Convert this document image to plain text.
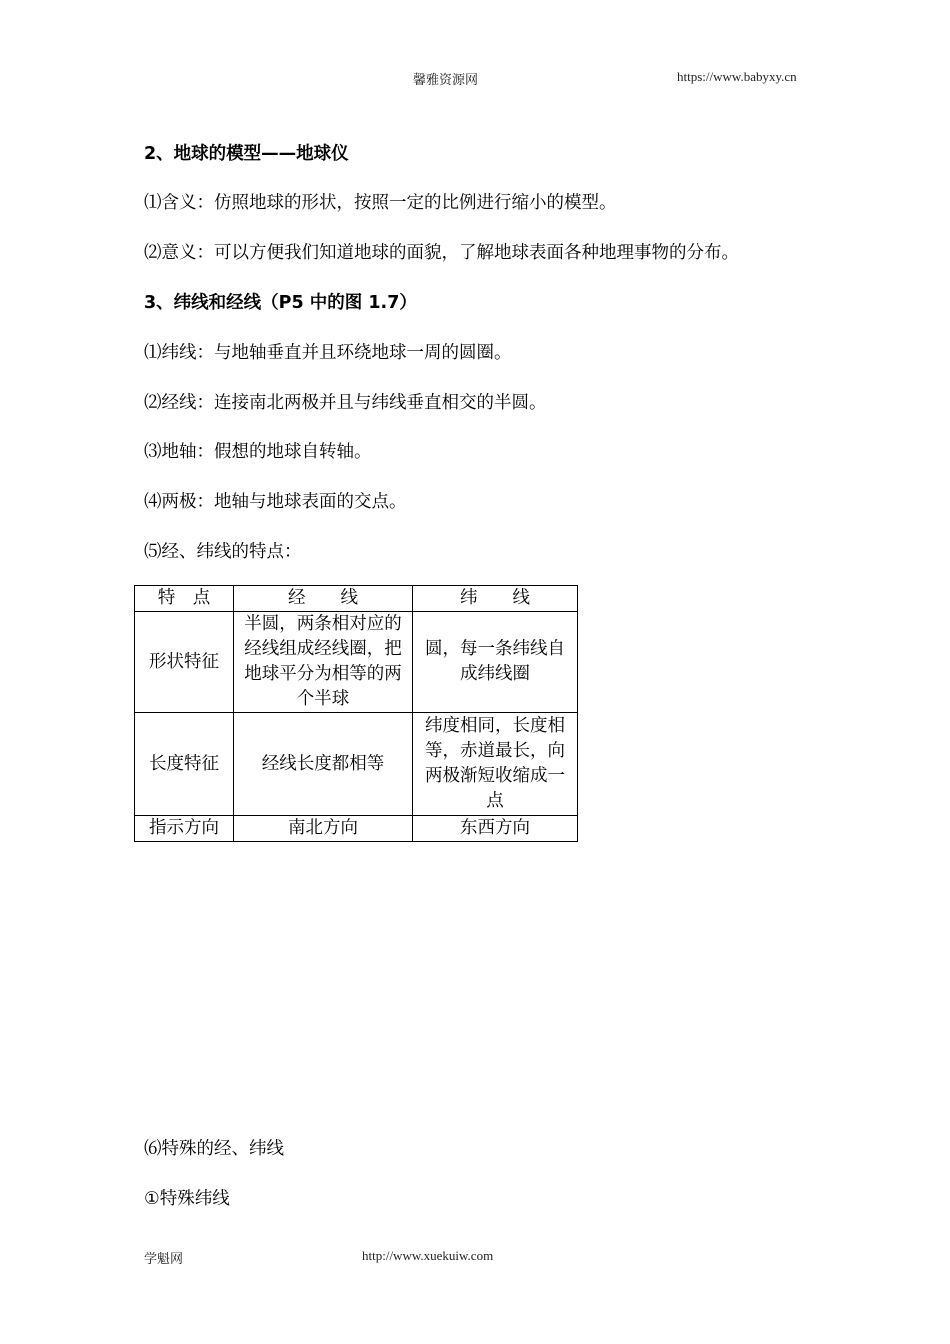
馨雅资源网	https://www.babyxy.cn
2、地球的模型——地球仪
⑴含义：仿照地球的形状，按照一定的比例进行缩小的模型。
⑵意义：可以方便我们知道地球的面貌，了解地球表面各种地理事物的分布。
3、纬线和经线（P5 中的图 1.7）
⑴纬线：与地轴垂直并且环绕地球一周的圆圈。
⑵经线：连接南北两极并且与纬线垂直相交的半圆。
⑶地轴：假想的地球自转轴。
⑷两极：地轴与地球表面的交点。
⑸经、纬线的特点：
特　点	经　　线	纬　　线
形状特征	半圆，两条相对应的经线组成经线圈，把地球平分为相等的两个半球	圆，每一条纬线自成纬线圈
长度特征	经线长度都相等	纬度相同，长度相等，赤道最长，向两极渐短收缩成一点
指示方向	南北方向	东西方向
⑹特殊的经、纬线
①特殊纬线
学魁网	http://www.xuekuiw.com
